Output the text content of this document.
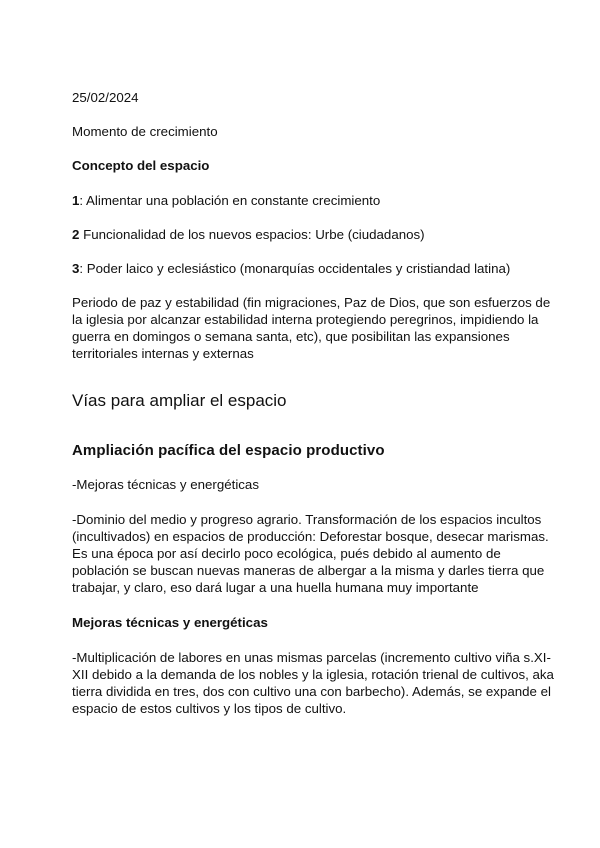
25/02/2024

Momento de crecimiento

Concepto del espacio

1: Alimentar una población en constante crecimiento

2 Funcionalidad de los nuevos espacios: Urbe (ciudadanos)

3: Poder laico y eclesiástico (monarquías occidentales y cristiandad latina)

Periodo de paz y estabilidad (fin migraciones, Paz de Dios, que son esfuerzos de la iglesia por alcanzar estabilidad interna protegiendo peregrinos, impidiendo la guerra en domingos o semana santa, etc), que posibilitan las expansiones territoriales internas y externas

Vías para ampliar el espacio
Ampliación pacífica del espacio productivo

-Mejoras técnicas y energéticas

-Dominio del medio y progreso agrario. Transformación de los espacios incultos (incultivados) en espacios de producción: Deforestar bosque, desecar marismas. Es una época por así decirlo poco ecológica, pués debido al aumento de población se buscan nuevas maneras de albergar a la misma y darles tierra que trabajar, y claro, eso dará lugar a una huella humana muy importante

Mejoras técnicas y energéticas

-Multiplicación de labores en unas mismas parcelas (incremento cultivo viña s.XI-XII debido a la demanda de los nobles y la iglesia, rotación trienal de cultivos, aka tierra dividida en tres, dos con cultivo una con barbecho). Además, se expande el espacio de estos cultivos y los tipos de cultivo.
